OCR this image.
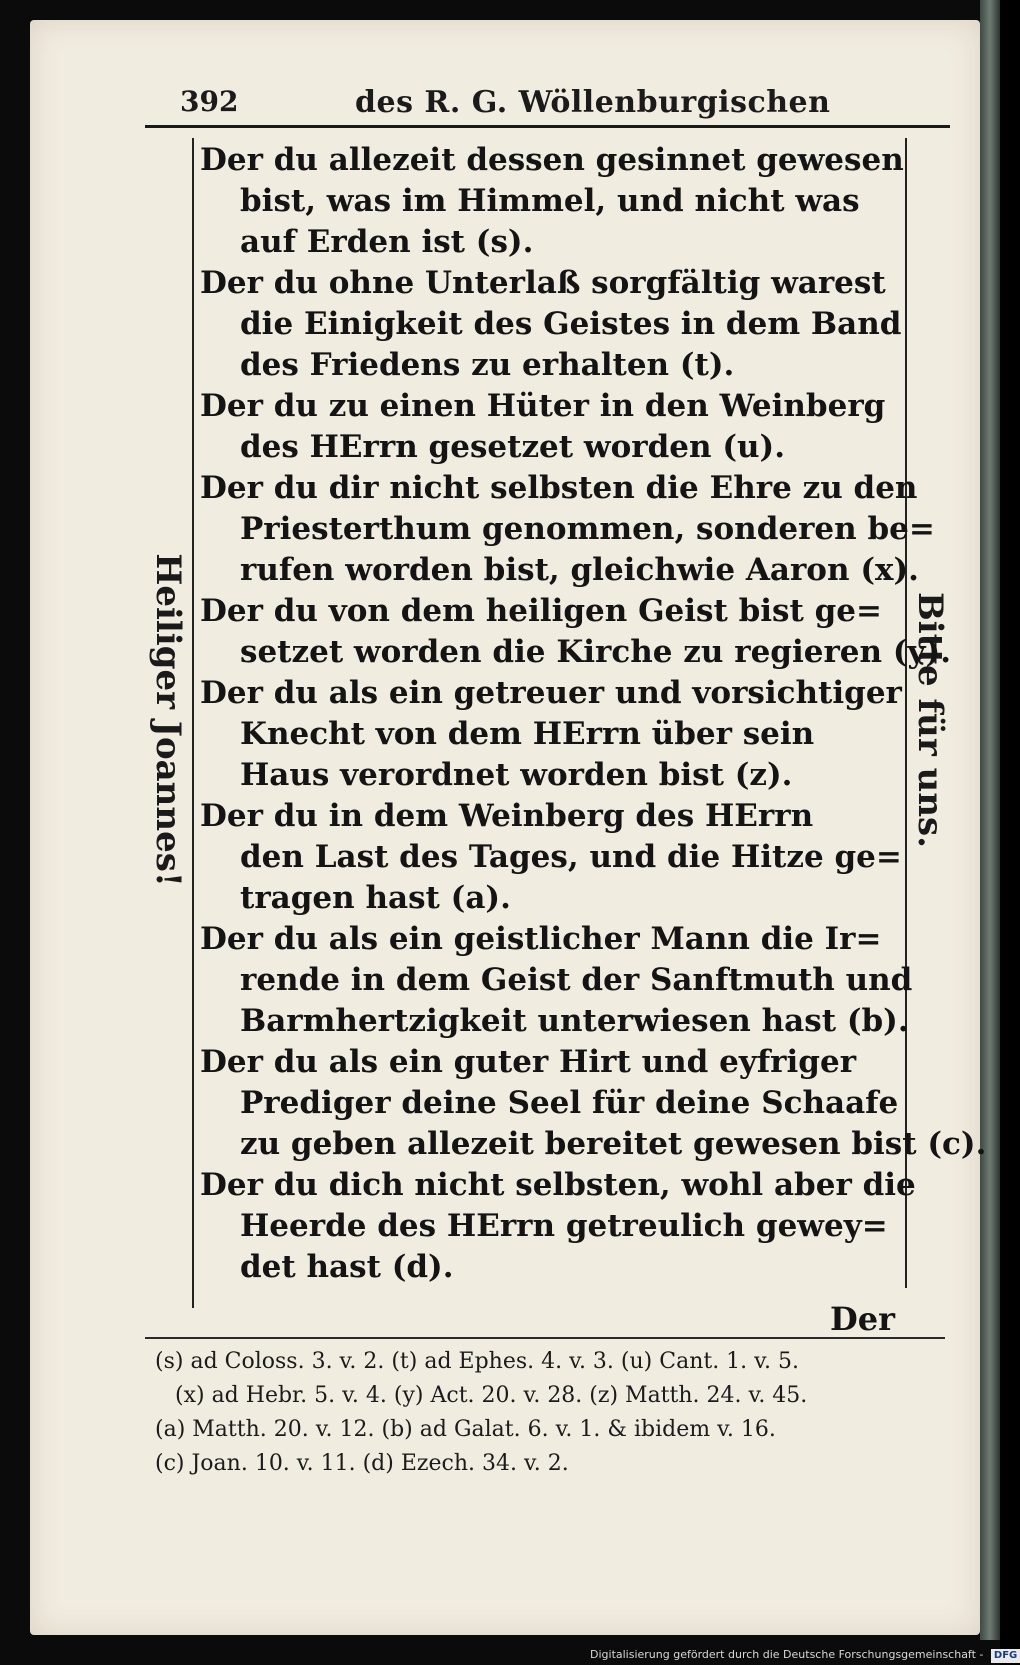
392	des R. G. Wöllenburgischen
Heiliger Joannes!	Bitte für uns.
Der du allezeit dessen gesinnet gewesen
bist, was im Himmel, und nicht was
auf Erden ist (s).
Der du ohne Unterlaß sorgfältig warest
die Einigkeit des Geistes in dem Band
des Friedens zu erhalten (t).
Der du zu einen Hüter in den Weinberg
des HErrn gesetzet worden (u).
Der du dir nicht selbsten die Ehre zu den
Priesterthum genommen, sonderen be=
rufen worden bist, gleichwie Aaron (x).
Der du von dem heiligen Geist bist ge=
setzet worden die Kirche zu regieren (y).
Der du als ein getreuer und vorsichtiger
Knecht von dem HErrn über sein
Haus verordnet worden bist (z).
Der du in dem Weinberg des HErrn
den Last des Tages, und die Hitze ge=
tragen hast (a).
Der du als ein geistlicher Mann die Ir=
rende in dem Geist der Sanftmuth und
Barmhertzigkeit unterwiesen hast (b).
Der du als ein guter Hirt und eyfriger
Prediger deine Seel für deine Schaafe
zu geben allezeit bereitet gewesen bist (c).
Der du dich nicht selbsten, wohl aber die
Heerde des HErrn getreulich gewey=
det hast (d).
Der
(s) ad Coloss. 3. v. 2. (t) ad Ephes. 4. v. 3. (u) Cant. 1. v. 5.
(x) ad Hebr. 5. v. 4. (y) Act. 20. v. 28. (z) Matth. 24. v. 45.
(a) Matth. 20. v. 12. (b) ad Galat. 6. v. 1. & ibidem v. 16.
(c) Joan. 10. v. 11. (d) Ezech. 34. v. 2.
Digitalisierung gefördert durch die Deutsche Forschungsgemeinschaft - DFG
